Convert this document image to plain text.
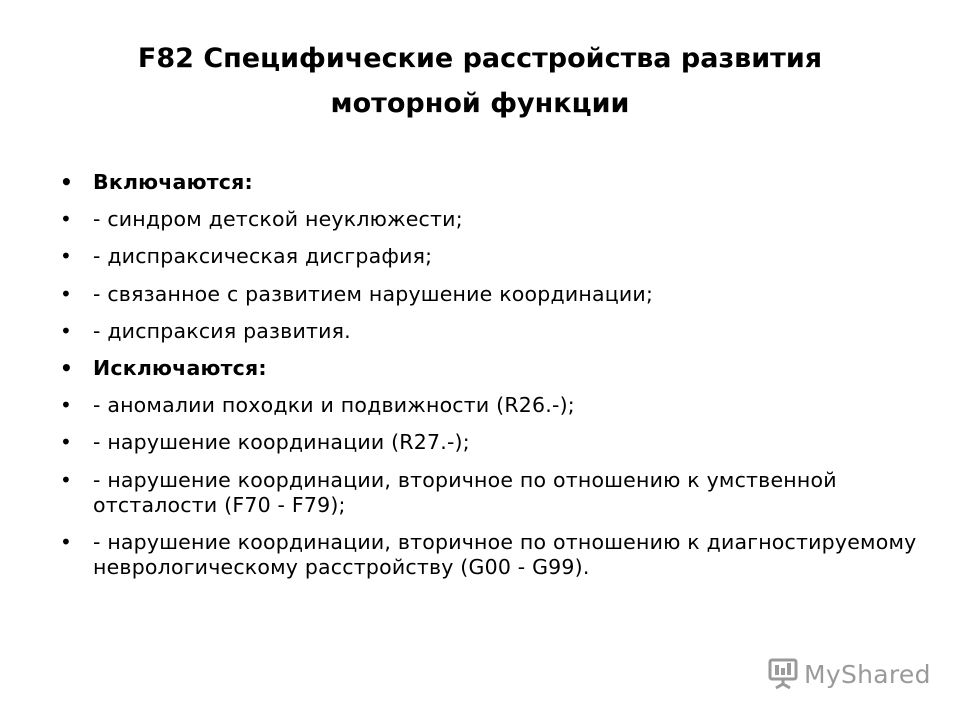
F82 Специфические расстройства развития моторной функции
• Включаются:
• - синдром детской неуклюжести;
• - диспраксическая дисграфия;
• - связанное с развитием нарушение координации;
• - диспраксия развития.
• Исключаются:
• - аномалии походки и подвижности (R26.-);
• - нарушение координации (R27.-);
• - нарушение координации, вторичное по отношению к умственной отсталости (F70 - F79);
• - нарушение координации, вторичное по отношению к диагностируемому неврологическому расстройству (G00 - G99).
MyShared
